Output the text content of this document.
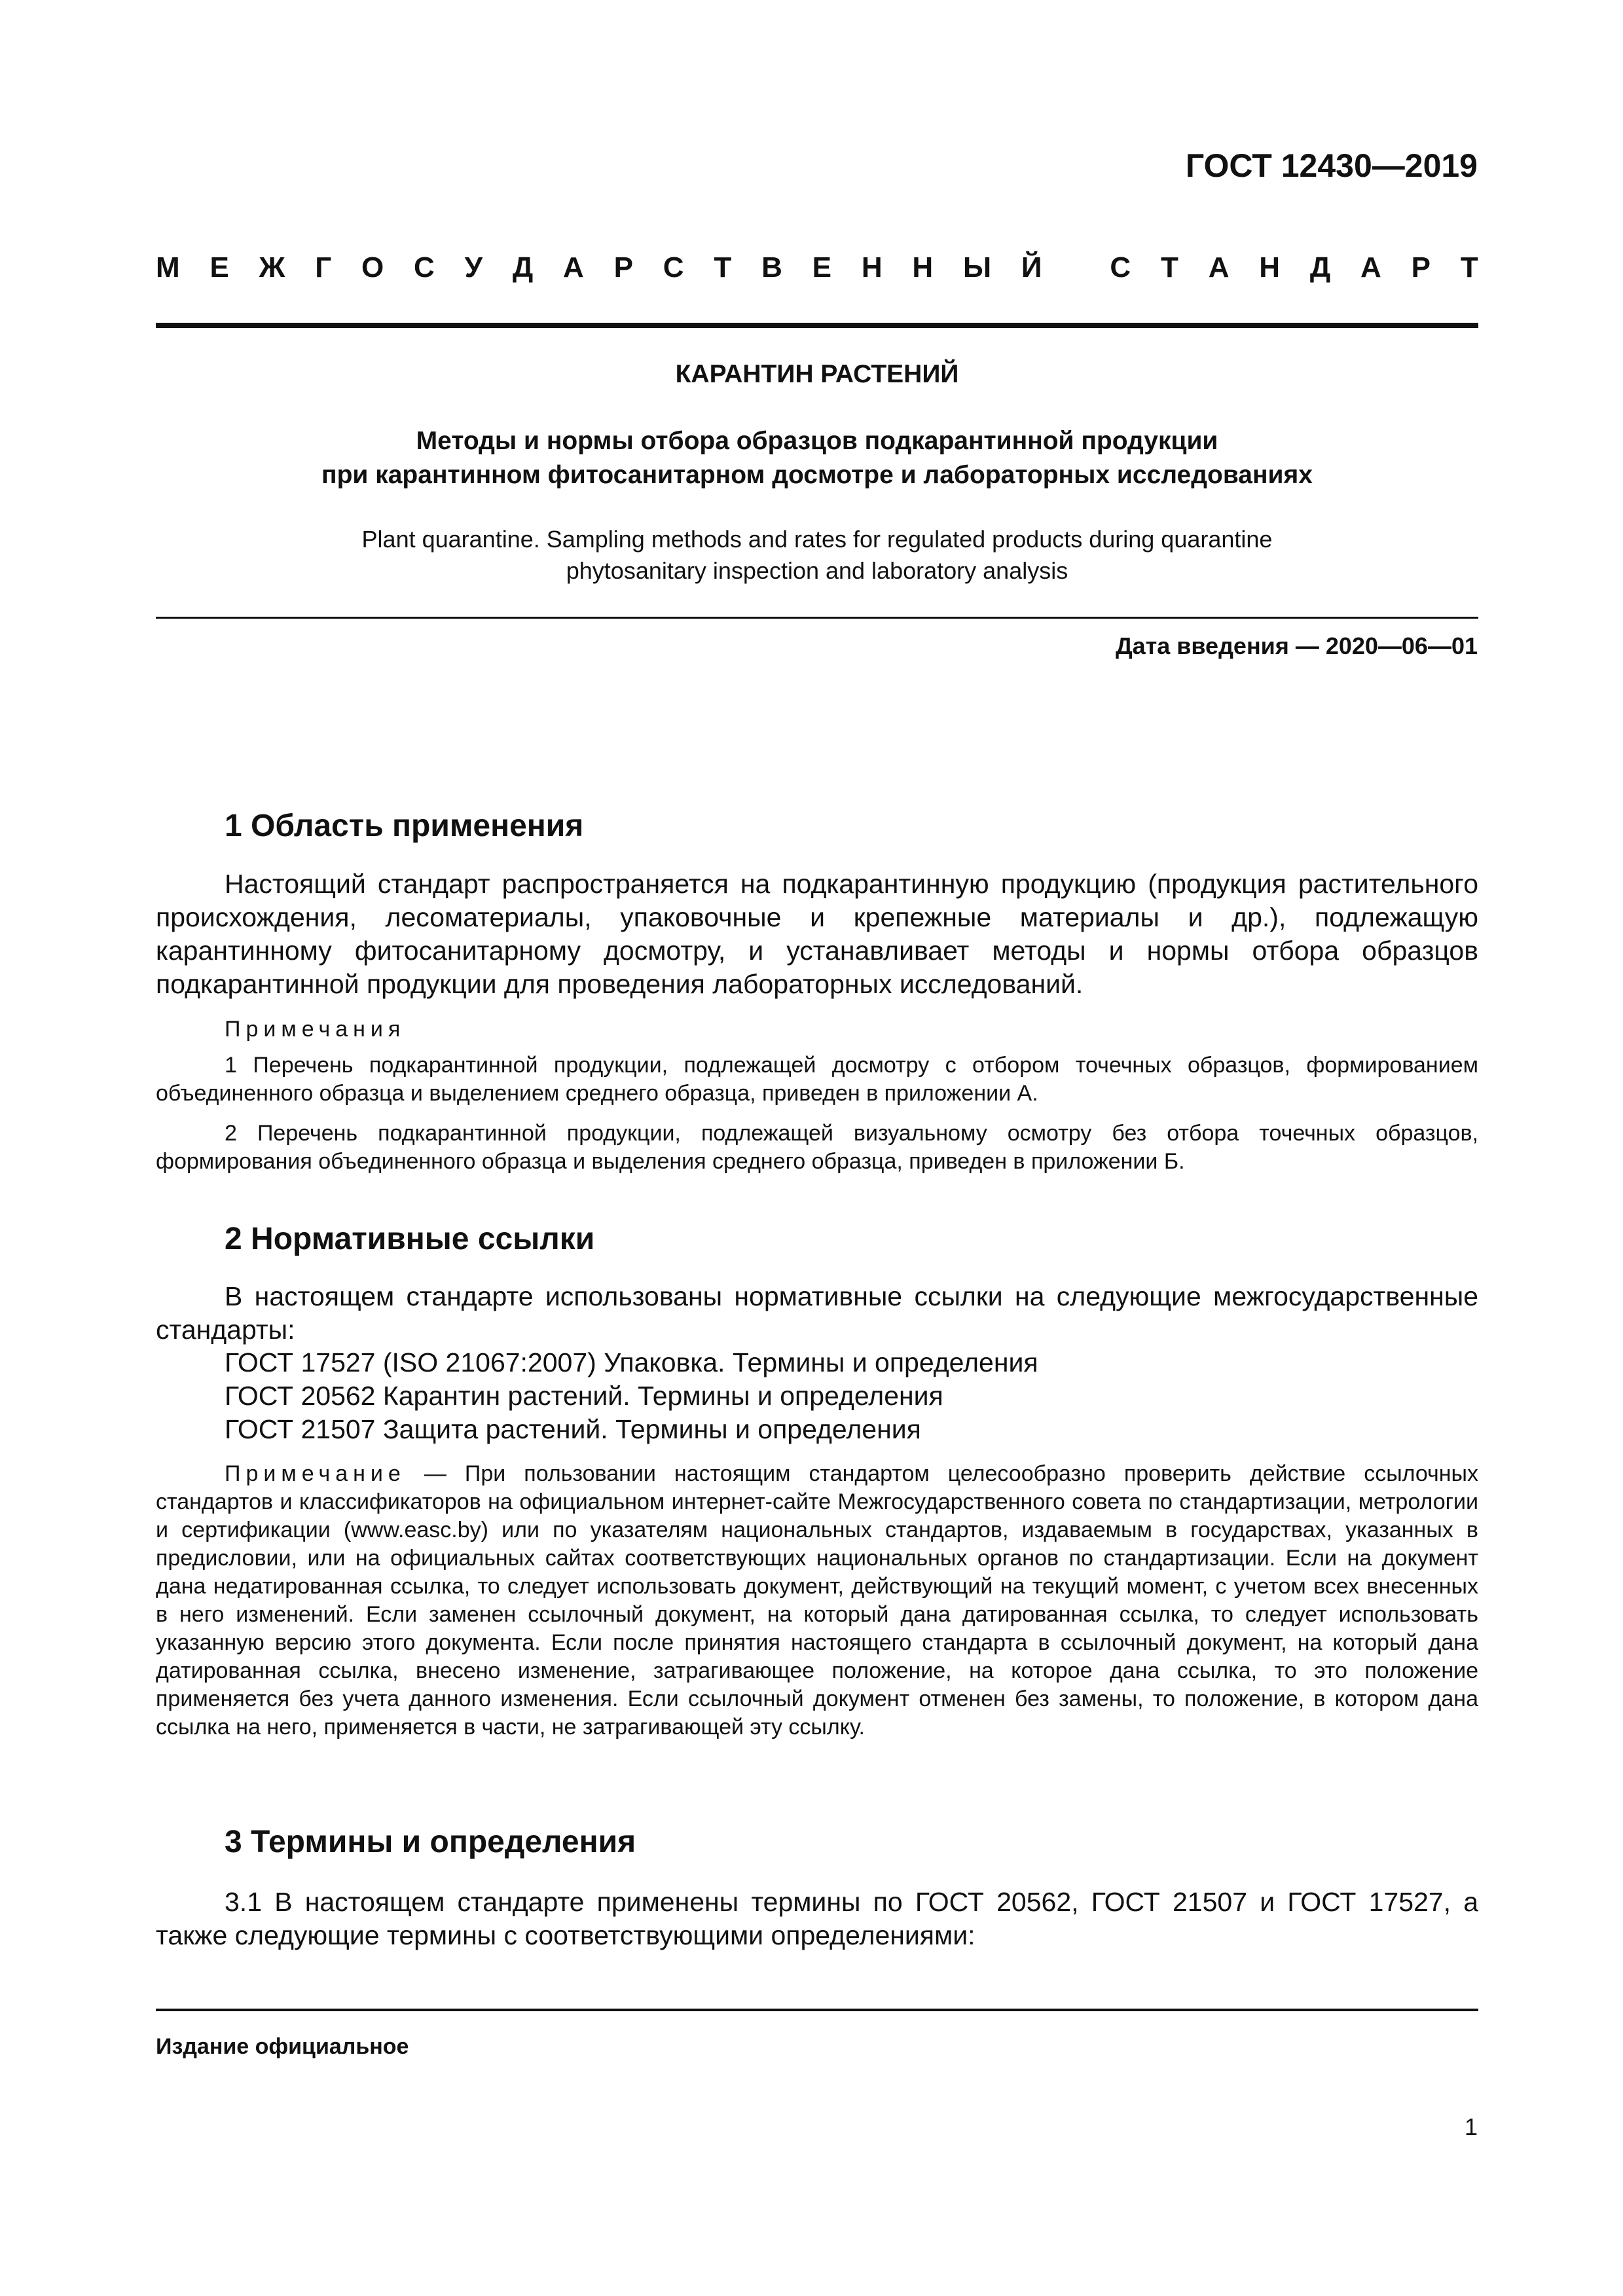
ГОСТ 12430—2019
М Е Ж Г О С У Д А Р С Т В Е Н Н Ы Й
С Т А Н Д А Р Т
КАРАНТИН РАСТЕНИЙ
Методы и нормы отбора образцов подкарантинной продукции
при карантинном фитосанитарном досмотре и лабораторных исследованиях
Plant quarantine. Sampling methods and rates for regulated products during quarantine
phytosanitary inspection and laboratory analysis
Дата введения — 2020—06—01
1 Область применения

Настоящий стандарт распространяется на подкарантинную продукцию (продукция растительного происхождения, лесоматериалы, упаковочные и крепежные материалы и др.), подлежащую карантинному фитосанитарному досмотру, и устанавливает методы и нормы отбора образцов подкарантинной продукции для проведения лабораторных исследований.

Примечания

1 Перечень подкарантинной продукции, подлежащей досмотру с отбором точечных образцов, формированием объединенного образца и выделением среднего образца, приведен в приложении А.

2 Перечень подкарантинной продукции, подлежащей визуальному осмотру без отбора точечных образцов, формирования объединенного образца и выделения среднего образца, приведен в приложении Б.

2 Нормативные ссылки

В настоящем стандарте использованы нормативные ссылки на следующие межгосударственные стандарты:

ГОСТ 17527 (ISO 21067:2007) Упаковка. Термины и определения
ГОСТ 20562 Карантин растений. Термины и определения
ГОСТ 21507 Защита растений. Термины и определения

Примечание — При пользовании настоящим стандартом целесообразно проверить действие ссылочных стандартов и классификаторов на официальном интернет-сайте Межгосударственного совета по стандартизации, метрологии и сертификации (www.easc.by) или по указателям национальных стандартов, издаваемым в государствах, указанных в предисловии, или на официальных сайтах соответствующих национальных органов по стандартизации. Если на документ дана недатированная ссылка, то следует использовать документ, действующий на текущий момент, с учетом всех внесенных в него изменений. Если заменен ссылочный документ, на который дана датированная ссылка, то следует использовать указанную версию этого документа. Если после принятия настоящего стандарта в ссылочный документ, на который дана датированная ссылка, внесено изменение, затрагивающее положение, на которое дана ссылка, то это положение применяется без учета данного изменения. Если ссылочный документ отменен без замены, то положение, в котором дана ссылка на него, применяется в части, не затрагивающей эту ссылку.

3 Термины и определения

3.1 В настоящем стандарте применены термины по ГОСТ 20562, ГОСТ 21507 и ГОСТ 17527, а также следующие термины с соответствующими определениями:

Издание официальное
1
